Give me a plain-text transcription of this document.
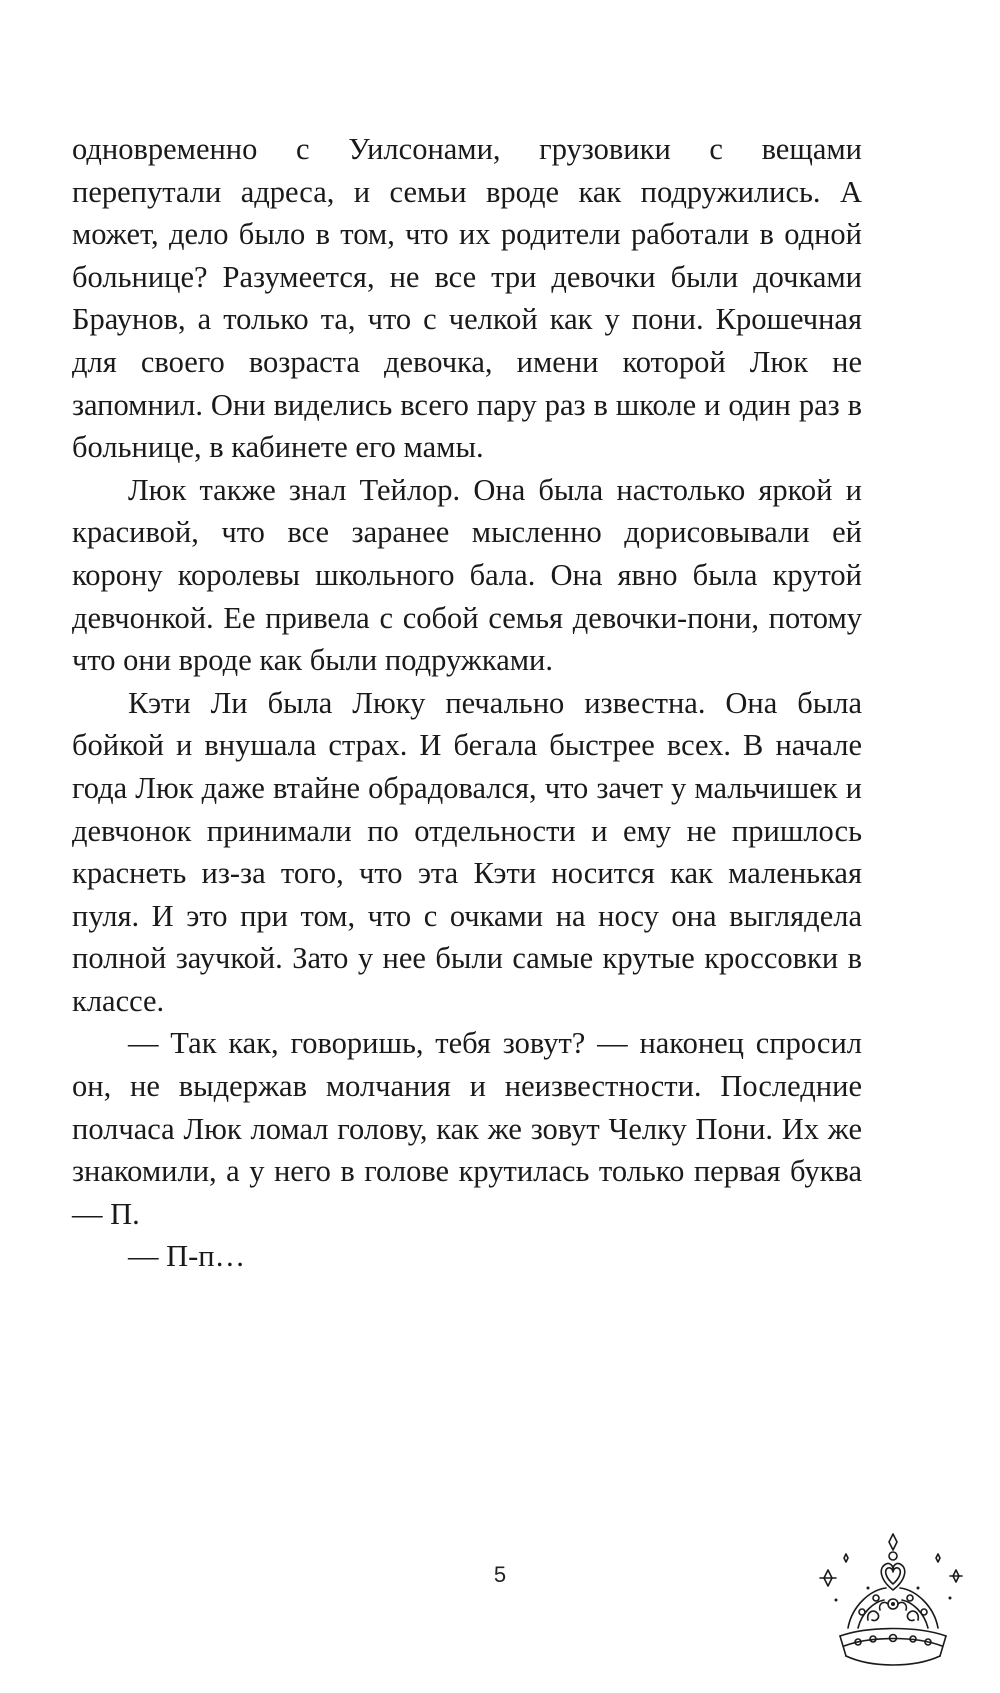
одновременно с Уилсонами, грузовики с вещами перепутали адреса, и семьи вроде как подружились. А может, дело было в том, что их родители работали в одной больнице? Разумеется, не все три девочки были дочками Браунов, а только та, что с челкой как у пони. Крошечная для своего возраста девочка, имени которой Люк не запомнил. Они виделись всего пару раз в школе и один раз в больнице, в кабинете его мамы.

Люк также знал Тейлор. Она была настолько яркой и красивой, что все заранее мысленно дорисовывали ей корону королевы школьного бала. Она явно была крутой девчонкой. Ее привела с собой семья девочки-пони, потому что они вроде как были подружками.

Кэти Ли была Люку печально известна. Она была бойкой и внушала страх. И бегала быстрее всех. В начале года Люк даже втайне обрадовался, что зачет у мальчишек и девчонок принимали по отдельности и ему не пришлось краснеть из-за того, что эта Кэти носится как маленькая пуля. И это при том, что с очками на носу она выглядела полной заучкой. Зато у нее были самые крутые кроссовки в классе.

— Так как, говоришь, тебя зовут? — наконец спросил он, не выдержав молчания и неизвестности. Последние полчаса Люк ломал голову, как же зовут Челку Пони. Их же знакомили, а у него в голове крутилась только первая буква — П.

— П-п…

5
